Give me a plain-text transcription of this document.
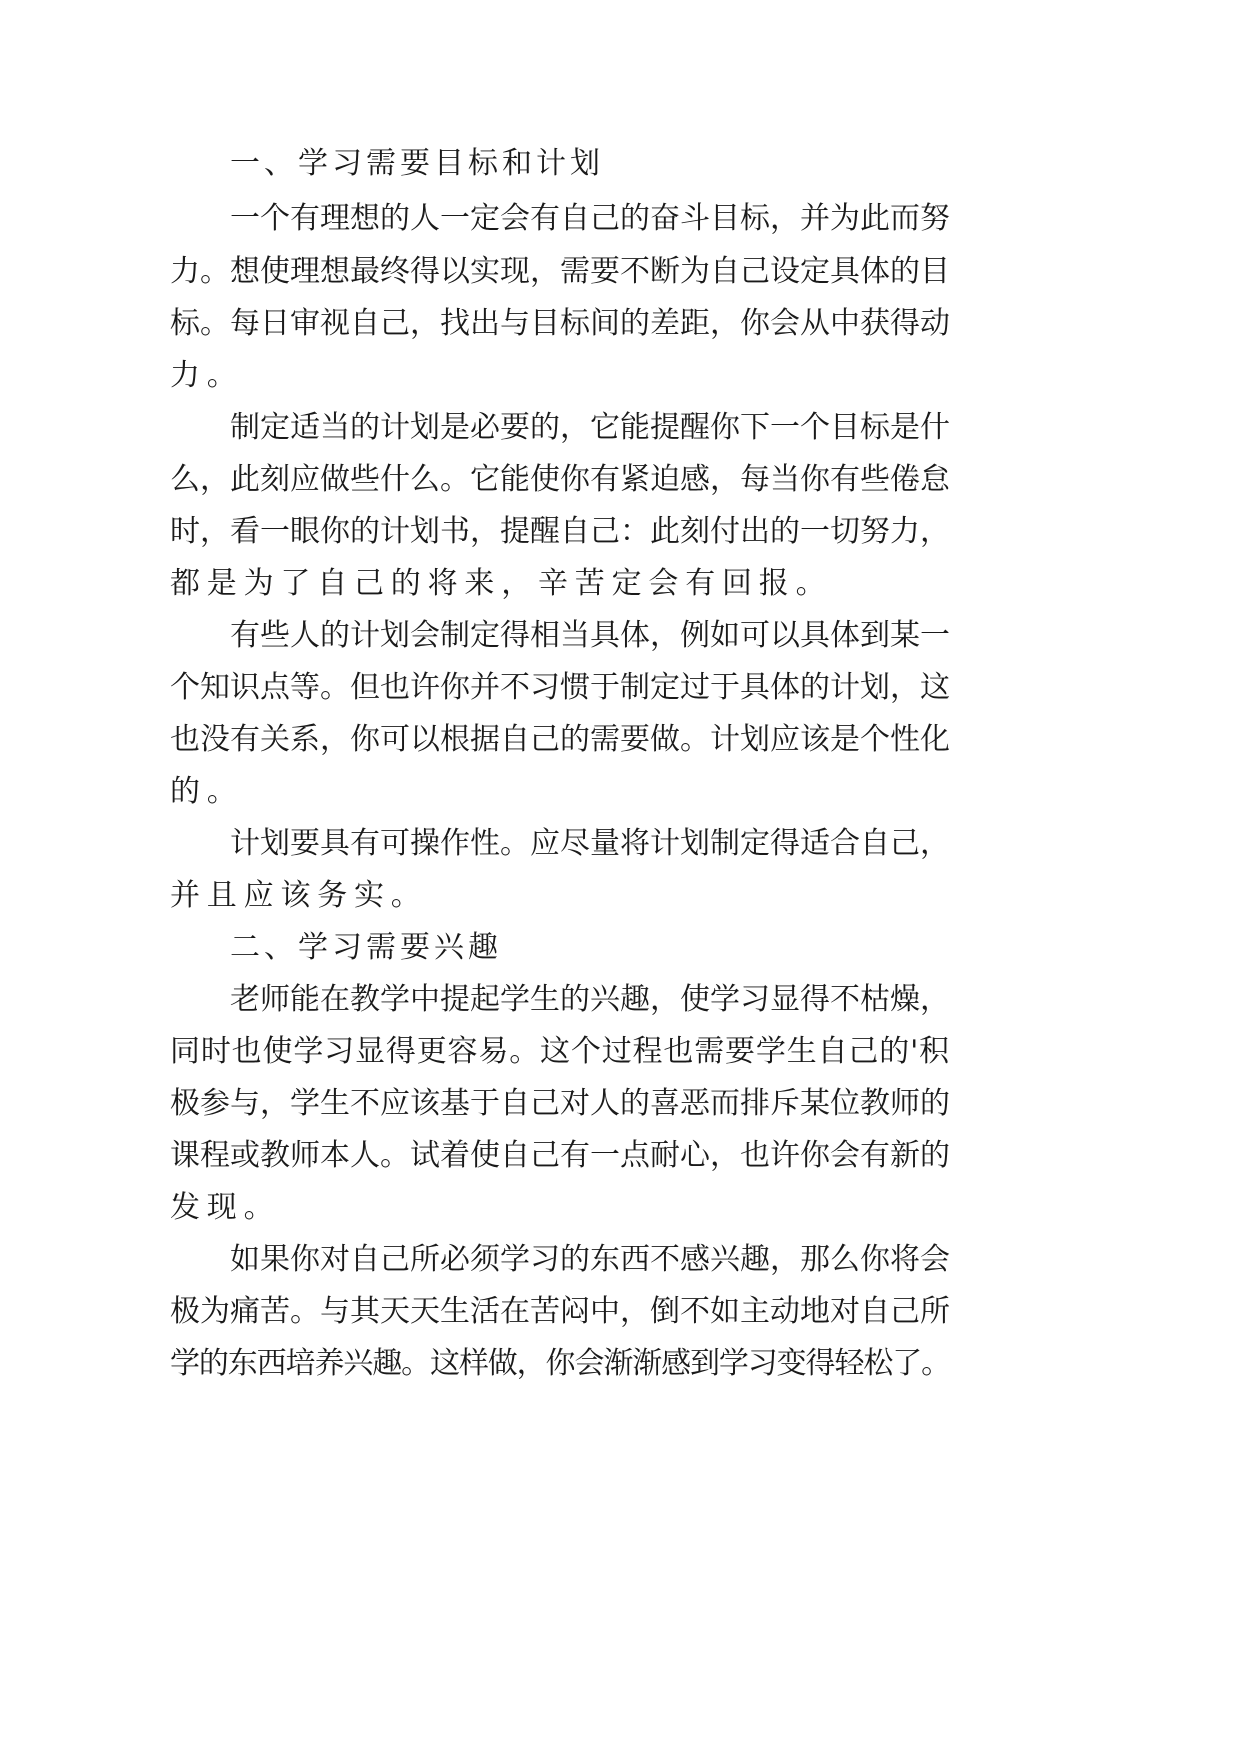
一、学习需要目标和计划
一个有理想的人一定会有自己的奋斗目标，并为此而努
力。想使理想最终得以实现，需要不断为自己设定具体的目
标。每日审视自己，找出与目标间的差距，你会从中获得动
力。
制定适当的计划是必要的，它能提醒你下一个目标是什
么，此刻应做些什么。它能使你有紧迫感，每当你有些倦怠
时，看一眼你的计划书，提醒自己：此刻付出的一切努力，
都是为了自己的将来，辛苦定会有回报。
有些人的计划会制定得相当具体，例如可以具体到某一
个知识点等。但也许你并不习惯于制定过于具体的计划，这
也没有关系，你可以根据自己的需要做。计划应该是个性化
的。
计划要具有可操作性。应尽量将计划制定得适合自己，
并且应该务实。
二、学习需要兴趣
老师能在教学中提起学生的兴趣，使学习显得不枯燥，
同时也使学习显得更容易。这个过程也需要学生自己的'积
极参与，学生不应该基于自己对人的喜恶而排斥某位教师的
课程或教师本人。试着使自己有一点耐心，也许你会有新的
发现。
如果你对自己所必须学习的东西不感兴趣，那么你将会
极为痛苦。与其天天生活在苦闷中，倒不如主动地对自己所
学的东西培养兴趣。这样做，你会渐渐感到学习变得轻松了。
